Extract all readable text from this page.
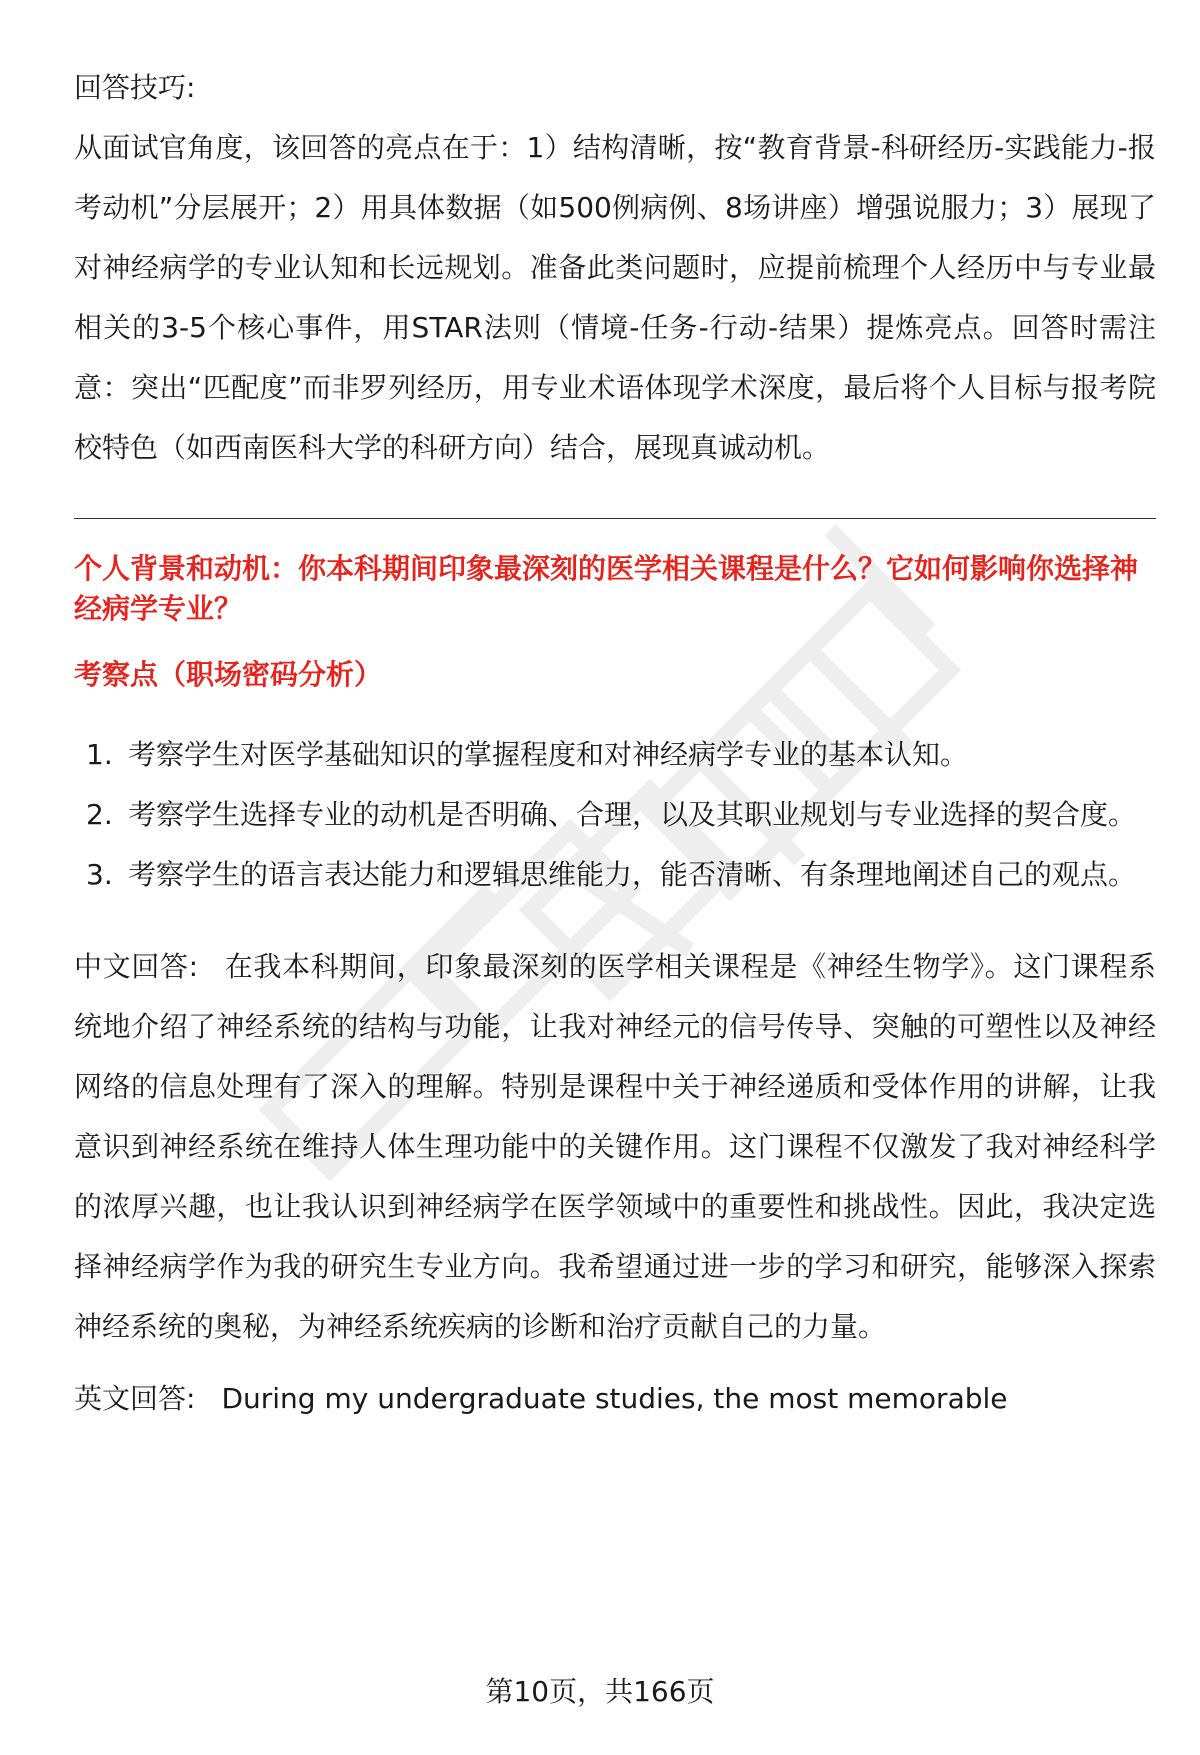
回答技巧:

从面试官角度，该回答的亮点在于：1）结构清晰，按“教育背景-科研经历-实践能力-报考动机”分层展开；2）用具体数据（如500例病例、8场讲座）增强说服力；3）展现了对神经病学的专业认知和长远规划。准备此类问题时，应提前梳理个人经历中与专业最相关的3-5个核心事件，用STAR法则（情境-任务-行动-结果）提炼亮点。回答时需注意：突出“匹配度”而非罗列经历，用专业术语体现学术深度，最后将个人目标与报考院校特色（如西南医科大学的科研方向）结合，展现真诚动机。

个人背景和动机：你本科期间印象最深刻的医学相关课程是什么？它如何影响你选择神经病学专业？
考察点（职场密码分析）
1. 考察学生对医学基础知识的掌握程度和对神经病学专业的基本认知。
2. 考察学生选择专业的动机是否明确、合理，以及其职业规划与专业选择的契合度。
3. 考察学生的语言表达能力和逻辑思维能力，能否清晰、有条理地阐述自己的观点。

中文回答: 在我本科期间，印象最深刻的医学相关课程是《神经生物学》。这门课程系统地介绍了神经系统的结构与功能，让我对神经元的信号传导、突触的可塑性以及神经网络的信息处理有了深入的理解。特别是课程中关于神经递质和受体作用的讲解，让我意识到神经系统在维持人体生理功能中的关键作用。这门课程不仅激发了我对神经科学的浓厚兴趣，也让我认识到神经病学在医学领域中的重要性和挑战性。因此，我决定选择神经病学作为我的研究生专业方向。我希望通过进一步的学习和研究，能够深入探索神经系统的奥秘，为神经系统疾病的诊断和治疗贡献自己的力量。

英文回答: During my undergraduate studies, the most memorable

第10页，共166页
